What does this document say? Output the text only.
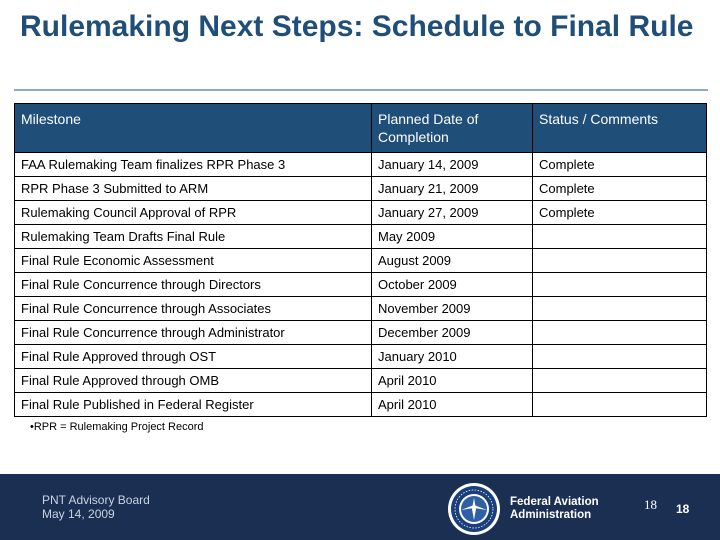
Rulemaking Next Steps: Schedule to Final Rule
Milestone	Planned Date of Completion	Status / Comments
FAA Rulemaking Team finalizes RPR Phase 3	January 14, 2009	Complete
RPR Phase 3 Submitted to ARM	January 21, 2009	Complete
Rulemaking Council Approval of RPR	January 27, 2009	Complete
Rulemaking Team Drafts Final Rule	May 2009	
Final Rule Economic Assessment	August 2009	
Final Rule Concurrence through Directors	October 2009	
Final Rule Concurrence through Associates	November 2009	
Final Rule Concurrence through Administrator	December 2009	
Final Rule Approved through OST	January 2010	
Final Rule Approved through OMB	April 2010	
Final Rule Published in Federal Register	April 2010	
•RPR = Rulemaking Project Record
PNT Advisory Board
May 14, 2009
Federal Aviation
Administration
18 18
